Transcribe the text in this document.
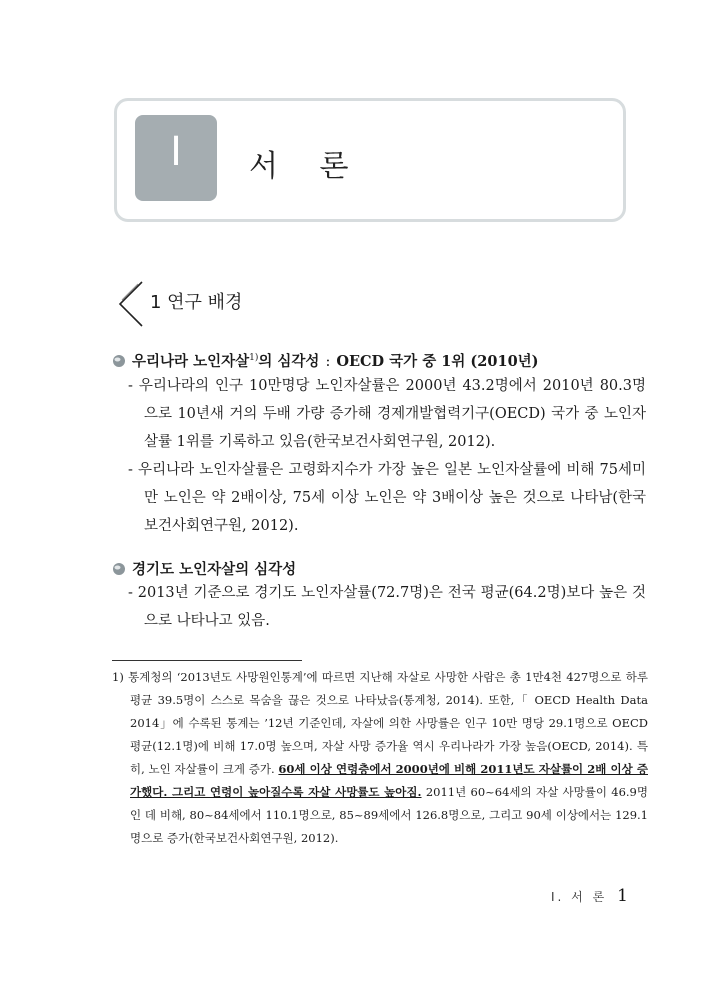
Ⅰ	서 론
1 연구 배경
우리나라 노인자살$^{1)}$의 심각성 : OECD 국가 중 1위 (2010년)
- 우리나라의 인구 10만명당 노인자살률은 2000년 43.2명에서 2010년 80.3명으로 10년새 거의 두배 가량 증가해 경제개발협력기구(OECD) 국가 중 노인자살률 1위를 기록하고 있음(한국보건사회연구원, 2012).
- 우리나라 노인자살률은 고령화지수가 가장 높은 일본 노인자살률에 비해 75세미만 노인은 약 2배이상, 75세 이상 노인은 약 3배이상 높은 것으로 나타남(한국보건사회연구원, 2012).
경기도 노인자살의 심각성
- 2013년 기준으로 경기도 노인자살률(72.7명)은 전국 평균(64.2명)보다 높은 것으로 나타나고 있음.
1) 통계청의 ‘2013년도 사망원인통계’에 따르면 지난해 자살로 사망한 사람은 총 1만4천 427명으로 하루 평균 39.5명이 스스로 목숨을 끊은 것으로 나타났음(통계청, 2014). 또한,「 OECD Health Data 2014」에 수록된 통계는 ’12년 기준인데, 자살에 의한 사망률은 인구 10만 명당 29.1명으로 OECD 평균(12.1명)에 비해 17.0명 높으며, 자살 사망 증가율 역시 우리나라가 가장 높음(OECD, 2014). 특히, 노인 자살률이 크게 증가. 60세 이상 연령층에서 2000년에 비해 2011년도 자살률이 2배 이상 증가했다. 그리고 연령이 높아질수록 자살 사망률도 높아짐. 2011년 60~64세의 자살 사망률이 46.9명인 데 비해, 80~84세에서 110.1명으로, 85~89세에서 126.8명으로, 그리고 90세 이상에서는 129.1명으로 증가(한국보건사회연구원, 2012).
Ⅰ. 서 론 1
